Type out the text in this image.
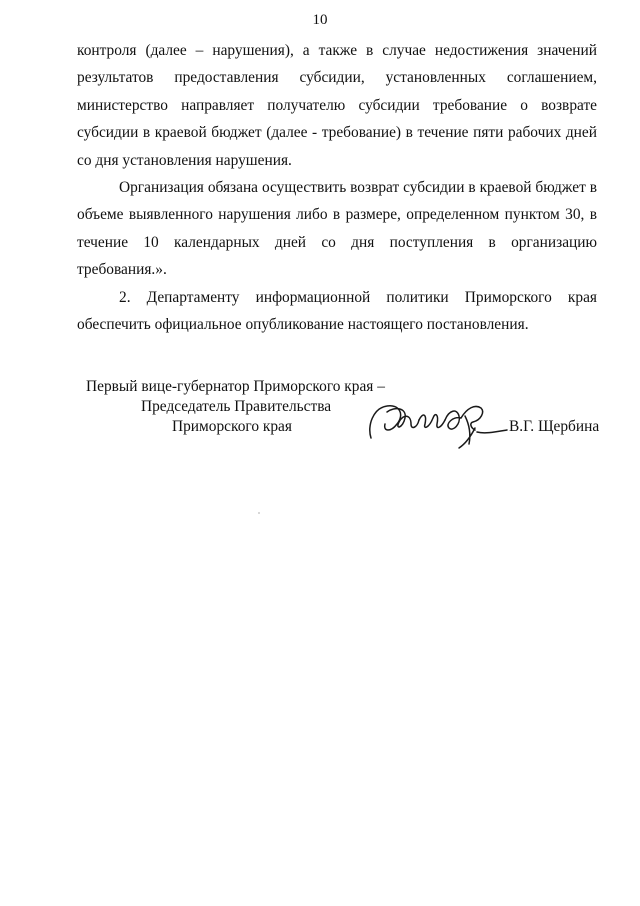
10

контроля (далее – нарушения), а также в случае недостижения значений результатов предоставления субсидии, установленных соглашением, министерство направляет получателю субсидии требование о возврате субсидии в краевой бюджет (далее - требование) в течение пяти рабочих дней со дня установления нарушения.

Организация обязана осуществить возврат субсидии в краевой бюджет в объеме выявленного нарушения либо в размере, определенном пунктом 30, в течение 10 календарных дней со дня поступления в организацию требования.».

2. Департаменту информационной политики Приморского края обеспечить официальное опубликование настоящего постановления.

Первый вице-губернатор Приморского края –
Председатель Правительства
Приморского края	В.Г. Щербина
